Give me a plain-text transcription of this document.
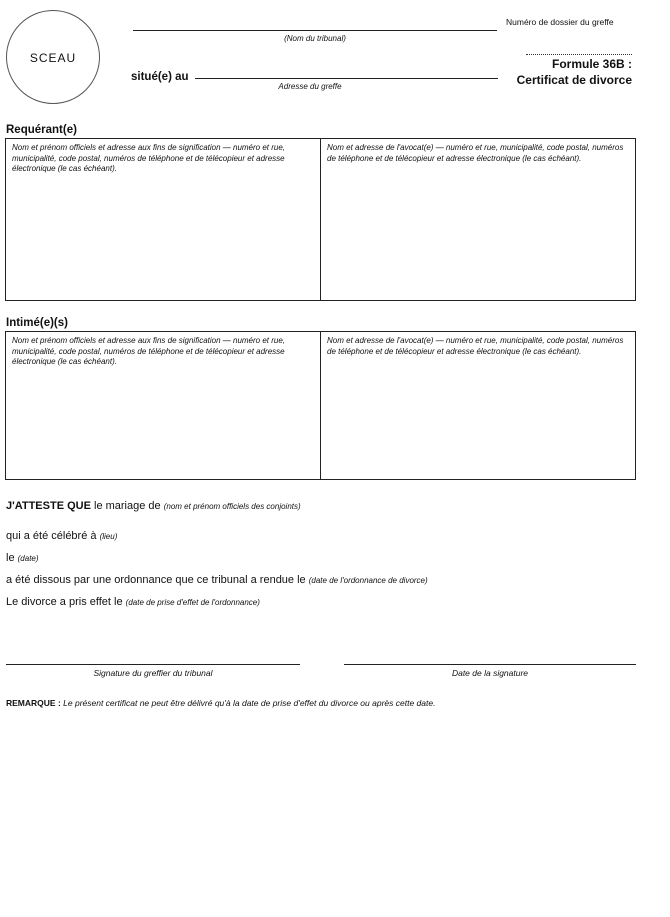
SCEAU
(Nom du tribunal)
Numéro de dossier du greffe
situé(e) au
Adresse du greffe
Formule 36B :
Certificat de divorce
Requérant(e)
Nom et prénom officiels et adresse aux fins de signification — numéro et rue, municipalité, code postal, numéros de téléphone et de télécopieur et adresse électronique (le cas échéant).
Nom et adresse de l'avocat(e) — numéro et rue, municipalité, code postal, numéros de téléphone et de télécopieur et adresse électronique (le cas échéant).
Intimé(e)(s)
Nom et prénom officiels et adresse aux fins de signification — numéro et rue, municipalité, code postal, numéros de téléphone et de télécopieur et adresse électronique (le cas échéant).
Nom et adresse de l'avocat(e) — numéro et rue, municipalité, code postal, numéros de téléphone et de télécopieur et adresse électronique (le cas échéant).
J'ATTESTE QUE le mariage de (nom et prénom officiels des conjoints)
qui a été célébré à (lieu)
le (date)
a été dissous par une ordonnance que ce tribunal a rendue le (date de l'ordonnance de divorce)
Le divorce a pris effet le (date de prise d'effet de l'ordonnance)
Signature du greffier du tribunal	Date de la signature
REMARQUE : Le présent certificat ne peut être délivré qu'à la date de prise d'effet du divorce ou après cette date.
